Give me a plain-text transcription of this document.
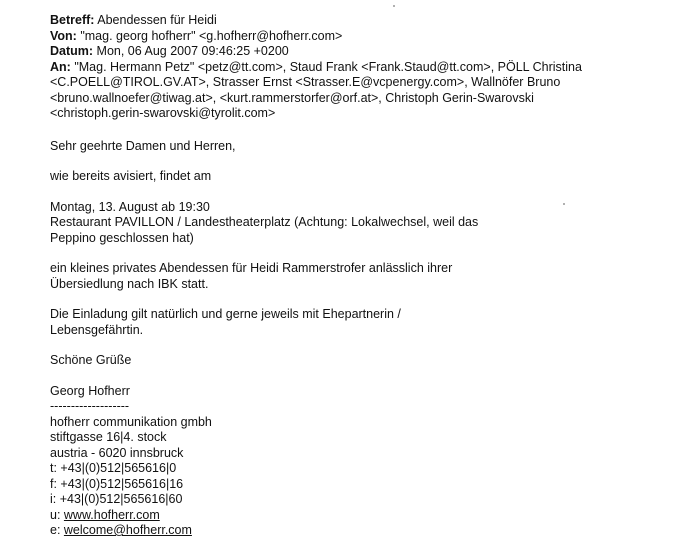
Betreff: Abendessen für Heidi
Von: "mag. georg hofherr" <g.hofherr@hofherr.com>
Datum: Mon, 06 Aug 2007 09:46:25 +0200
An: "Mag. Hermann Petz" <petz@tt.com>, Staud Frank <Frank.Staud@tt.com>, PÖLL Christina
<C.POELL@TIROL.GV.AT>, Strasser Ernst <Strasser.E@vcpenergy.com>, Wallnöfer Bruno
<bruno.wallnoefer@tiwag.at>, <kurt.rammerstorfer@orf.at>, Christoph Gerin-Swarovski
<christoph.gerin-swarovski@tyrolit.com>
Sehr geehrte Damen und Herren,
wie bereits avisiert, findet am
Montag, 13. August ab 19:30
Restaurant PAVILLON / Landestheaterplatz (Achtung: Lokalwechsel, weil das
Peppino geschlossen hat)
ein kleines privates Abendessen für Heidi Rammerstrofer anlässlich ihrer
Übersiedlung nach IBK statt.
Die Einladung gilt natürlich und gerne jeweils mit Ehepartnerin /
Lebensgefährtin.
Schöne Grüße
Georg Hofherr
-------------------
hofherr communikation gmbh
stiftgasse 16|4. stock
austria - 6020 innsbruck
t: +43|(0)512|565616|0
f: +43|(0)512|565616|16
i: +43|(0)512|565616|60
u: www.hofherr.com
e: welcome@hofherr.com
